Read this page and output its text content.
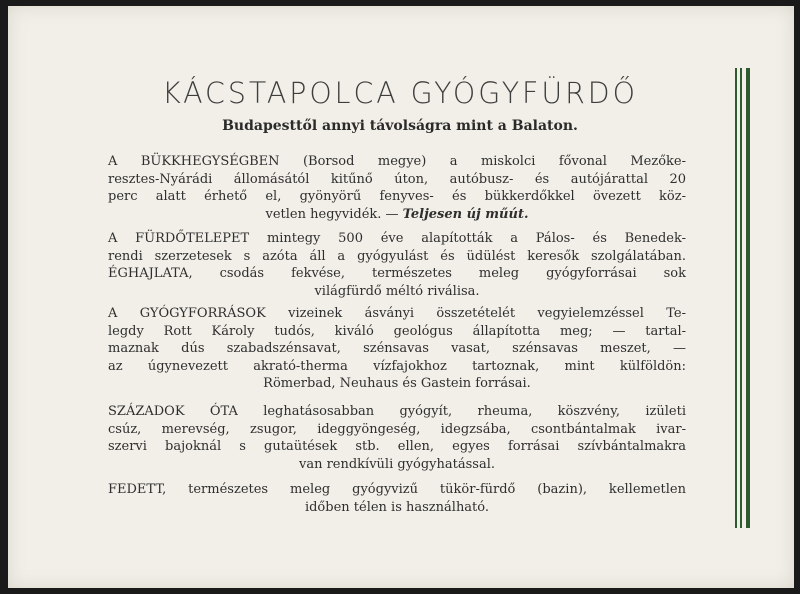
KÁCSTAPOLCA GYÓGYFÜRDŐ
Budapesttől annyi távolságra mint a Balaton.
A BÜKKHEGYSÉGBEN (Borsod megye) a miskolci fővonal Mezőke-
resztes-Nyárádi állomásától kitűnő úton, autóbusz- és autójárattal 20
perc alatt érhető el, gyönyörű fenyves- és bükkerdőkkel övezett köz-
vetlen hegyvidék. — Teljesen új műút.
A FÜRDŐTELEPET mintegy 500 éve alapították a Pálos- és Benedek-
rendi szerzetesek s azóta áll a gyógyulást és üdülést keresők szolgálatában.
ÉGHAJLATA, csodás fekvése, természetes meleg gyógyforrásai sok
világfürdő méltó riválisa.
A GYÓGYFORRÁSOK vizeinek ásványi összetételét vegyielemzéssel Te-
legdy Rott Károly tudós, kiváló geológus állapította meg; — tartal-
maznak dús szabadszénsavat, szénsavas vasat, szénsavas meszet, —
az úgynevezett akrató-therma vízfajokhoz tartoznak, mint külföldön:
Römerbad, Neuhaus és Gastein forrásai.
SZÁZADOK ÓTA leghatásosabban gyógyít, rheuma, köszvény, izületi
csúz, merevség, zsugor, ideggyöngeség, idegzsába, csontbántalmak ivar-
szervi bajoknál s gutaütések stb. ellen, egyes forrásai szívbántalmakra
van rendkívüli gyógyhatással.
FEDETT, természetes meleg gyógyvizű tükör-fürdő (bazin), kellemetlen
időben télen is használható.
